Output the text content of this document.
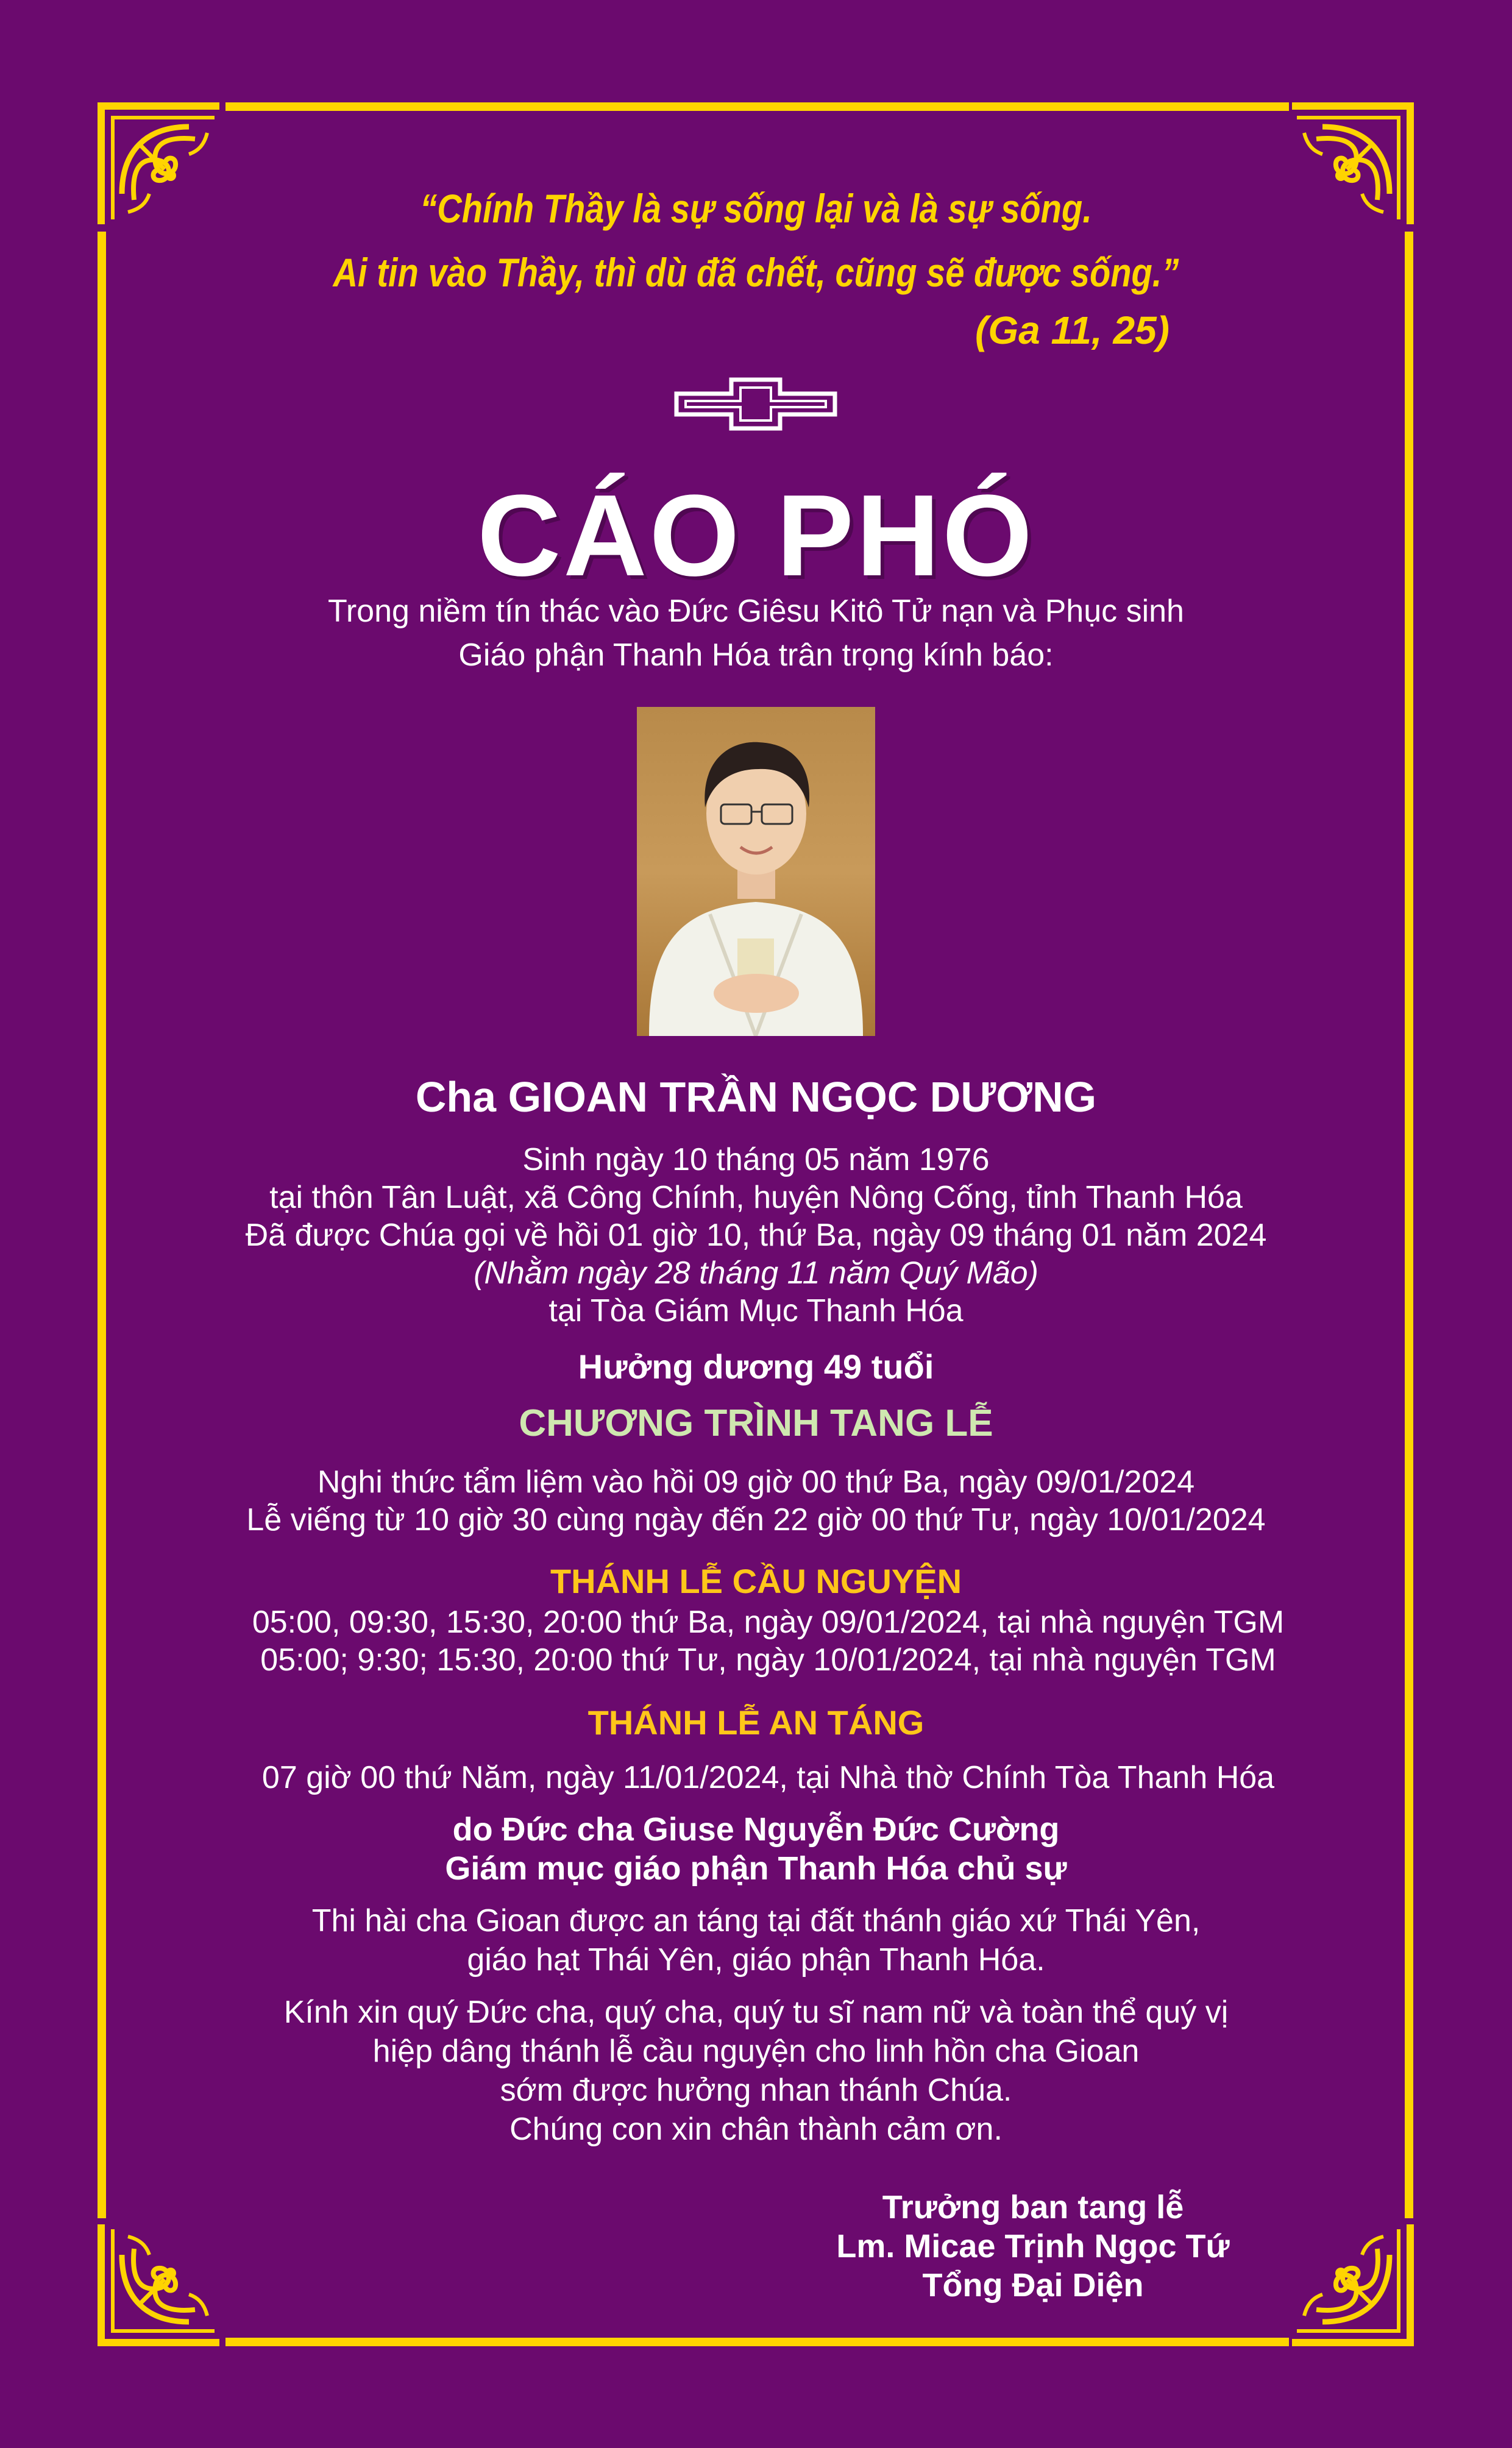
“Chính Thầy là sự sống lại và là sự sống.
Ai tin vào Thầy, thì dù đã chết, cũng sẽ được sống.”
(Ga 11, 25)
CÁO PHÓ
Trong niềm tín thác vào Đức Giêsu Kitô Tử nạn và Phục sinh
Giáo phận Thanh Hóa trân trọng kính báo:
Cha GIOAN TRẦN NGỌC DƯƠNG
Sinh ngày 10 tháng 05 năm 1976
tại thôn Tân Luật, xã Công Chính, huyện Nông Cống, tỉnh Thanh Hóa
Đã được Chúa gọi về hồi 01 giờ 10, thứ Ba, ngày 09 tháng 01 năm 2024
(Nhằm ngày 28 tháng 11 năm Quý Mão)
tại Tòa Giám Mục Thanh Hóa
Hưởng dương 49 tuổi
CHƯƠNG TRÌNH TANG LỄ
Nghi thức tẩm liệm vào hồi 09 giờ 00 thứ Ba, ngày 09/01/2024
Lễ viếng từ 10 giờ 30 cùng ngày đến 22 giờ 00 thứ Tư, ngày 10/01/2024
THÁNH LỄ CẦU NGUYỆN
05:00, 09:30, 15:30, 20:00 thứ Ba, ngày 09/01/2024, tại nhà nguyện TGM
05:00; 9:30; 15:30, 20:00 thứ Tư, ngày 10/01/2024, tại nhà nguyện TGM
THÁNH LỄ AN TÁNG
07 giờ 00 thứ Năm, ngày 11/01/2024, tại Nhà thờ Chính Tòa Thanh Hóa
do Đức cha Giuse Nguyễn Đức Cường
Giám mục giáo phận Thanh Hóa chủ sự
Thi hài cha Gioan được an táng tại đất thánh giáo xứ Thái Yên,
giáo hạt Thái Yên, giáo phận Thanh Hóa.
Kính xin quý Đức cha, quý cha, quý tu sĩ nam nữ và toàn thể quý vị
hiệp dâng thánh lễ cầu nguyện cho linh hồn cha Gioan
sớm được hưởng nhan thánh Chúa.
Chúng con xin chân thành cảm ơn.
Trưởng ban tang lễ
Lm. Micae Trịnh Ngọc Tứ
Tổng Đại Diện
